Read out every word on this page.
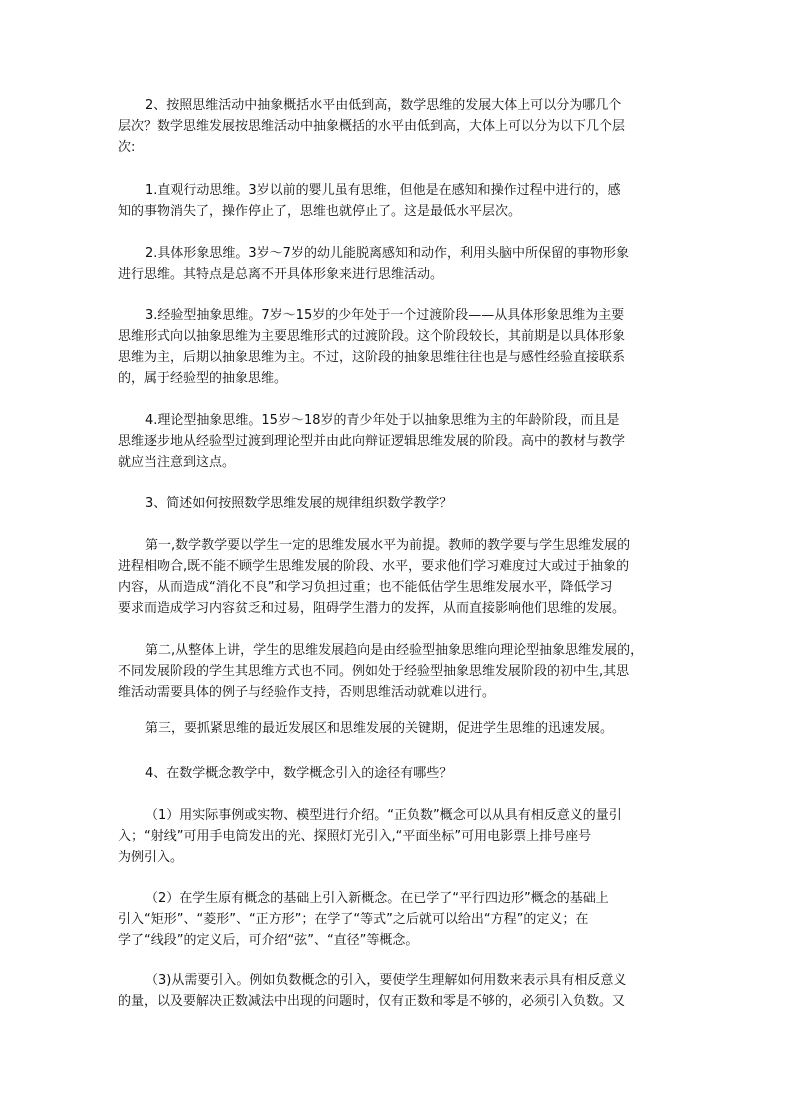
2、按照思维活动中抽象概括水平由低到高，数学思维的发展大体上可以分为哪几个
层次？数学思维发展按思维活动中抽象概括的水平由低到高，大体上可以分为以下几个层
次:
1.直观行动思维。3岁以前的婴儿虽有思维，但他是在感知和操作过程中进行的，感
知的事物消失了，操作停止了，思维也就停止了。这是最低水平层次。
2.具体形象思维。3岁～7岁的幼儿能脱离感知和动作，利用头脑中所保留的事物形象
进行思维。其特点是总离不开具体形象来进行思维活动。
3.经验型抽象思维。7岁～15岁的少年处于一个过渡阶段——从具体形象思维为主要
思维形式向以抽象思维为主要思维形式的过渡阶段。这个阶段较长，其前期是以具体形象
思维为主，后期以抽象思维为主。不过，这阶段的抽象思维往往也是与感性经验直接联系
的，属于经验型的抽象思维。
4.理论型抽象思维。15岁～18岁的青少年处于以抽象思维为主的年龄阶段，而且是
思维逐步地从经验型过渡到理论型并由此向辩证逻辑思维发展的阶段。高中的教材与教学
就应当注意到这点。
3、简述如何按照数学思维发展的规律组织数学教学？
第一,数学教学要以学生一定的思维发展水平为前提。教师的教学要与学生思维发展的
进程相吻合,既不能不顾学生思维发展的阶段、水平，要求他们学习难度过大或过于抽象的
内容，从而造成“消化不良”和学习负担过重；也不能低估学生思维发展水平，降低学习
要求而造成学习内容贫乏和过易，阻碍学生潜力的发挥，从而直接影响他们思维的发展。
第二,从整体上讲，学生的思维发展趋向是由经验型抽象思维向理论型抽象思维发展的，
不同发展阶段的学生其思维方式也不同。例如处于经验型抽象思维发展阶段的初中生,其思
维活动需要具体的例子与经验作支持，否则思维活动就难以进行。
第三，要抓紧思维的最近发展区和思维发展的关键期，促进学生思维的迅速发展。
4、在数学概念教学中，数学概念引入的途径有哪些？
（1）用实际事例或实物、模型进行介绍。“正负数”概念可以从具有相反意义的量引
入；“射线”可用手电筒发出的光、探照灯光引入,“平面坐标”可用电影票上排号座号
为例引入。
（2）在学生原有概念的基础上引入新概念。在已学了“平行四边形”概念的基础上
引入“矩形”、“菱形”、“正方形”；在学了“等式”之后就可以给出“方程”的定义；在
学了“线段”的定义后，可介绍“弦”、“直径”等概念。
（3)从需要引入。例如负数概念的引入，要使学生理解如何用数来表示具有相反意义
的量，以及要解决正数减法中出现的问题时，仅有正数和零是不够的，必须引入负数。又
